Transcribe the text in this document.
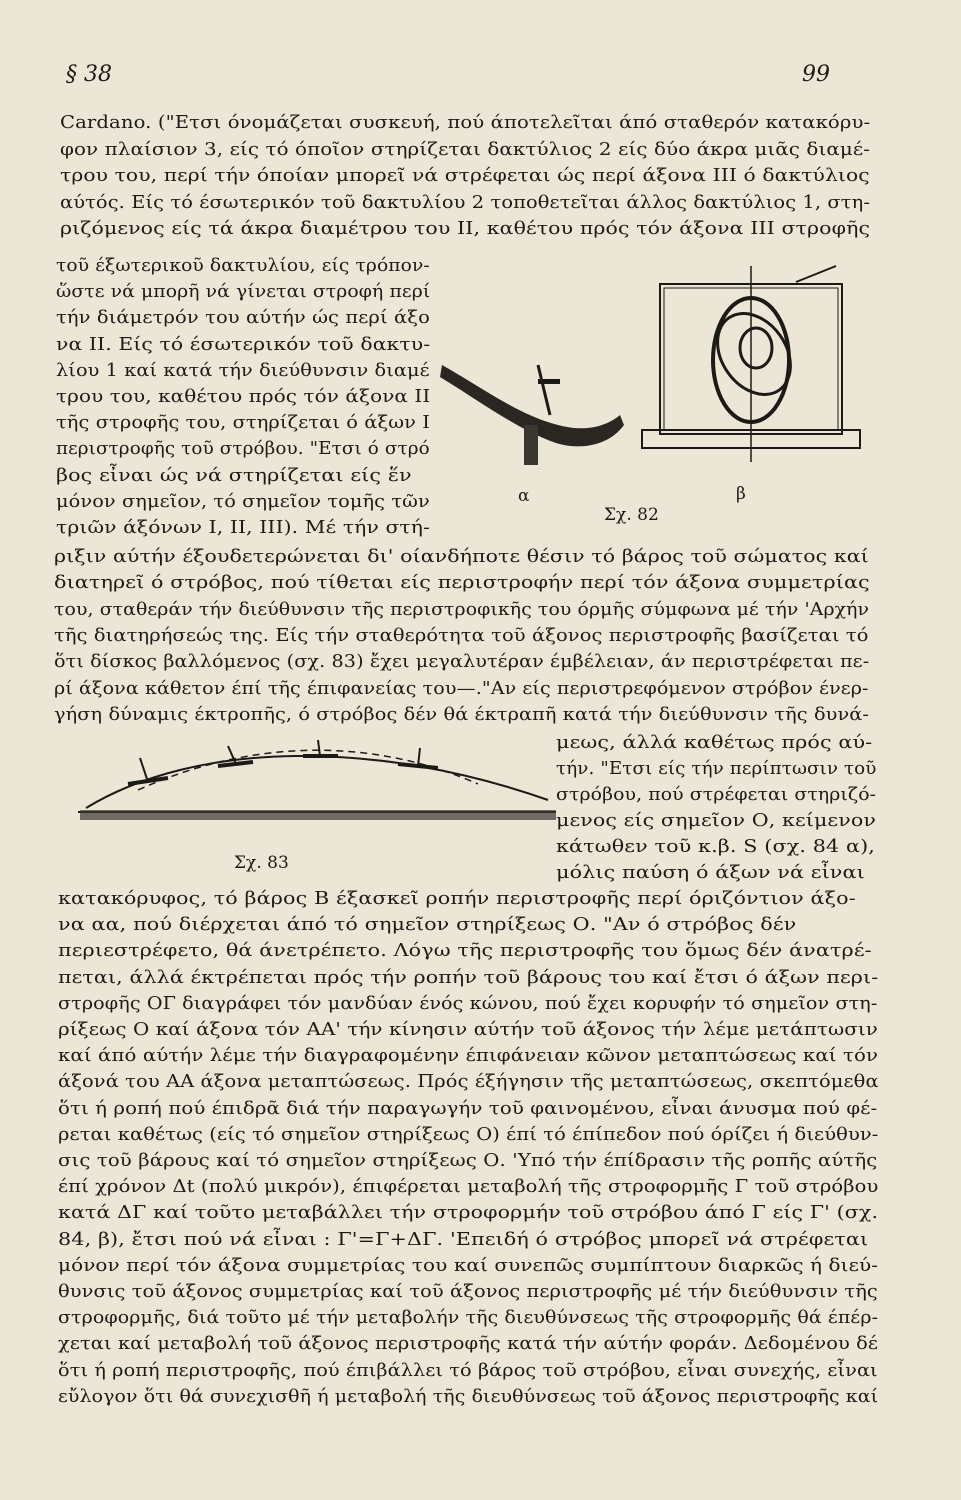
§ 38	99
Cardano. ("Ετσι όνομάζεται συσκευή, πού άποτελεῖται άπό σταθερόν κατακόρυ-
φον πλαίσιον 3, είς τό όποῖον στηρίζεται δακτύλιος 2 είς δύο άκρα μιᾶς διαμέ-
τρου του, περί τήν όποίαν μπορεῖ νά στρέφεται ώς περί άξονα III ό δακτύλιος
αύτός. Είς τό έσωτερικόν τοῦ δακτυλίου 2 τοποθετεῖται άλλος δακτύλιος 1, στη-
ριζόμενος είς τά άκρα διαμέτρου του II, καθέτου πρός τόν άξονα III στροφῆς
τοῦ έξωτερικοῦ δακτυλίου, είς τρόπον-
ὥστε νά μπορῆ νά γίνεται στροφή περί
τήν διάμετρόν του αύτήν ώς περί άξο
να II. Είς τό έσωτερικόν τοῦ δακτυ-
λίου 1 καί κατά τήν διεύθυνσιν διαμέ
τρου του, καθέτου πρός τόν άξονα II
τῆς στροφῆς του, στηρίζεται ό άξων I
περιστροφῆς τοῦ στρόβου. "Ετσι ό στρό
βος εἶναι ώς νά στηρίζεται είς ἕν
μόνον σημεῖον, τό σημεῖον τομῆς τῶν
τριῶν άξόνων I, II, III). Μέ τήν στή-
ριξιν αύτήν έξουδετερώνεται δι' οίανδήποτε θέσιν τό βάρος τοῦ σώματος καί
διατηρεῖ ό στρόβος, πού τίθεται είς περιστροφήν περί τόν άξονα συμμετρίας
του, σταθεράν τήν διεύθυνσιν τῆς περιστροφικῆς του όρμῆς σύμφωνα μέ τήν 'Αρχήν
τῆς διατηρήσεώς της. Είς τήν σταθερότητα τοῦ άξονος περιστροφῆς βασίζεται τό
ὅτι δίσκος βαλλόμενος (σχ. 83) ἔχει μεγαλυτέραν έμβέλειαν, άν περιστρέφεται πε-
ρί άξονα κάθετον έπί τῆς έπιφανείας του—."Αν είς περιστρεφόμενον στρόβον ένερ-
γήση δύναμις έκτροπῆς, ό στρόβος δέν θά έκτραπῆ κατά τήν διεύθυνσιν τῆς δυνά-
μεως, άλλά καθέτως πρός αύ-
τήν. "Ετσι είς τήν περίπτωσιν τοῦ
στρόβου, πού στρέφεται στηριζό-
μενος είς σημεῖον Ο, κείμενον
κάτωθεν τοῦ κ.β. S (σχ. 84 α),
μόλις παύση ό άξων νά εἶναι
κατακόρυφος, τό βάρος Β έξασκεῖ ροπήν περιστροφῆς περί όριζόντιον άξο-
να αα, πού διέρχεται άπό τό σημεῖον στηρίξεως Ο. "Αν ό στρόβος δέν
περιεστρέφετο, θά άνετρέπετο. Λόγω τῆς περιστροφῆς του ὅμως δέν άνατρέ-
πεται, άλλά έκτρέπεται πρός τήν ροπήν τοῦ βάρους του καί ἔτσι ό άξων περι-
στροφῆς ΟΓ διαγράφει τόν μανδύαν ένός κώνου, πού ἔχει κορυφήν τό σημεῖον στη-
ρίξεως Ο καί άξονα τόν ΑΑ' τήν κίνησιν αύτήν τοῦ άξονος τήν λέμε μετάπτωσιν
καί άπό αύτήν λέμε τήν διαγραφομένην έπιφάνειαν κῶνον μεταπτώσεως καί τόν
άξονά του ΑΑ άξονα μεταπτώσεως. Πρός έξήγησιν τῆς μεταπτώσεως, σκεπτόμεθα
ὅτι ή ροπή πού έπιδρᾶ διά τήν παραγωγήν τοῦ φαινομένου, εἶναι άνυσμα πού φέ-
ρεται καθέτως (είς τό σημεῖον στηρίξεως Ο) έπί τό έπίπεδον πού όρίζει ή διεύθυν-
σις τοῦ βάρους καί τό σημεῖον στηρίξεως Ο. 'Υπό τήν έπίδρασιν τῆς ροπῆς αύτῆς
έπί χρόνον Δt (πολύ μικρόν), έπιφέρεται μεταβολή τῆς στροφορμῆς Γ τοῦ στρόβου
κατά ΔΓ καί τοῦτο μεταβάλλει τήν στροφορμήν τοῦ στρόβου άπό Γ είς Γ' (σχ.
84, β), ἔτσι πού νά εἶναι : Γ'=Γ+ΔΓ. 'Επειδή ό στρόβος μπορεῖ νά στρέφεται
μόνον περί τόν άξονα συμμετρίας του καί συνεπῶς συμπίπτουν διαρκῶς ή διεύ-
θυνσις τοῦ άξονος συμμετρίας καί τοῦ άξονος περιστροφῆς μέ τήν διεύθυνσιν τῆς
στροφορμῆς, διά τοῦτο μέ τήν μεταβολήν τῆς διευθύνσεως τῆς στροφορμῆς θά έπέρ-
χεται καί μεταβολή τοῦ άξονος περιστροφῆς κατά τήν αύτήν φοράν. Δεδομένου δέ
ὅτι ή ροπή περιστροφῆς, πού έπιβάλλει τό βάρος τοῦ στρόβου, εἶναι συνεχής, εἶναι
εὔλογον ὅτι θά συνεχισθῆ ή μεταβολή τῆς διευθύνσεως τοῦ άξονος περιστροφῆς καί
α	β
Σχ. 82
Σχ. 83
